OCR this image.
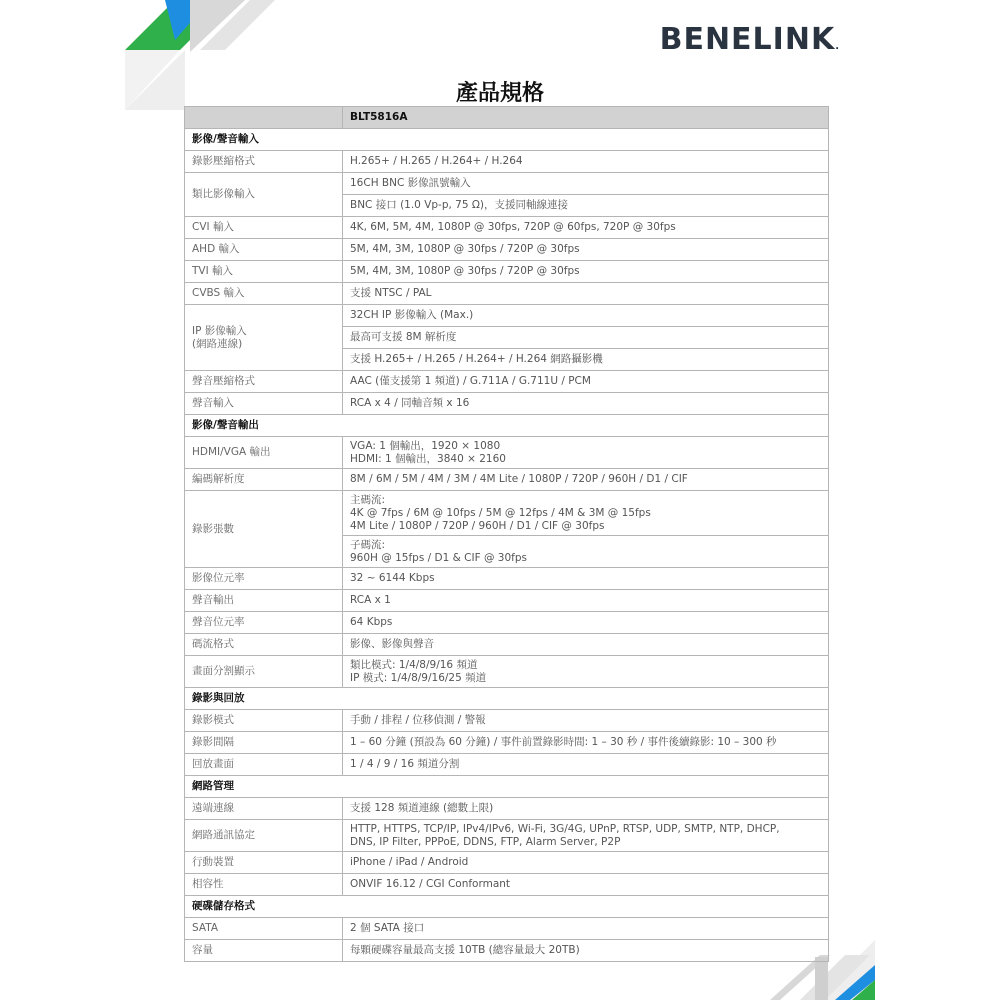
BENELINK.
產品規格
	BLT5816A
影像/聲音輸入	
錄影壓縮格式	H.265+ / H.265 / H.264+ / H.264
類比影像輸入	16CH BNC 影像訊號輸入
	BNC 接口 (1.0 Vp-p, 75 Ω)，支援同軸線連接
CVI 輸入	4K, 6M, 5M, 4M, 1080P @ 30fps, 720P @ 60fps, 720P @ 30fps
AHD 輸入	5M, 4M, 3M, 1080P @ 30fps / 720P @ 30fps
TVI 輸入	5M, 4M, 3M, 1080P @ 30fps / 720P @ 30fps
CVBS 輸入	支援 NTSC / PAL
IP 影像輸入
(網路連線)	32CH IP 影像輸入 (Max.)
	最高可支援 8M 解析度
	支援 H.265+ / H.265 / H.264+ / H.264 網路攝影機
聲音壓縮格式	AAC (僅支援第 1 頻道) / G.711A / G.711U / PCM
聲音輸入	RCA x 4 / 同軸音頻 x 16
影像/聲音輸出	
HDMI/VGA 輸出	VGA: 1 個輸出，1920 × 1080
HDMI: 1 個輸出，3840 × 2160
編碼解析度	8M / 6M / 5M / 4M / 3M / 4M Lite / 1080P / 720P / 960H / D1 / CIF
錄影張數	主碼流:
4K @ 7fps / 6M @ 10fps / 5M @ 12fps / 4M & 3M @ 15fps
4M Lite / 1080P / 720P / 960H / D1 / CIF @ 30fps
	子碼流:
960H @ 15fps / D1 & CIF @ 30fps
影像位元率	32 ~ 6144 Kbps
聲音輸出	RCA x 1
聲音位元率	64 Kbps
碼流格式	影像、影像與聲音
畫面分割顯示	類比模式: 1/4/8/9/16 頻道
IP 模式: 1/4/8/9/16/25 頻道
錄影與回放	
錄影模式	手動 / 排程 / 位移偵測 / 警報
錄影間隔	1 – 60 分鐘 (預設為 60 分鐘) / 事件前置錄影時間: 1 – 30 秒 / 事件後續錄影: 10 – 300 秒
回放畫面	1 / 4 / 9 / 16 頻道分割
網路管理	
遠端連線	支援 128 頻道連線 (總數上限)
網路通訊協定	HTTP, HTTPS, TCP/IP, IPv4/IPv6, Wi-Fi, 3G/4G, UPnP, RTSP, UDP, SMTP, NTP, DHCP,
DNS, IP Filter, PPPoE, DDNS, FTP, Alarm Server, P2P
行動裝置	iPhone / iPad / Android
相容性	ONVIF 16.12 / CGI Conformant
硬碟儲存格式	
SATA	2 個 SATA 接口
容量	每顆硬碟容量最高支援 10TB (總容量最大 20TB)
